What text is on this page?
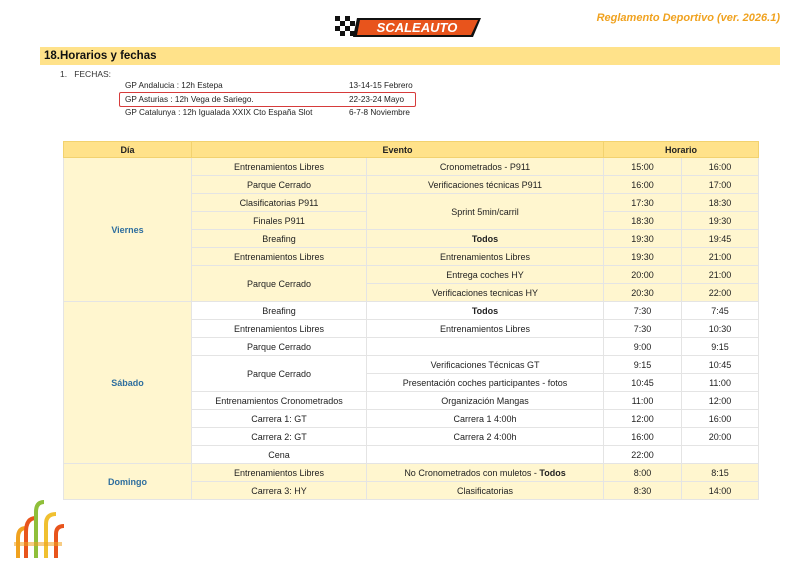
SCALEAUTO
Reglamento Deportivo (ver. 2026.1)
18.Horarios y fechas
1. FECHAS:
GP Andalucia : 12h Estepa	13-14-15 Febrero
GP Asturias : 12h Vega de Sariego.	22-23-24 Mayo
GP Catalunya : 12h Igualada XXIX Cto España Slot	6-7-8 Noviembre
Día	Evento		Horario	
Viernes	Entrenamientos Libres	Cronometrados - P911	15:00	16:00
	Parque Cerrado	Verificaciones técnicas P911	16:00	17:00
	Clasificatorias P911	Sprint 5min/carril	17:30	18:30
	Finales P911		18:30	19:30
	Breafing	Todos	19:30	19:45
	Entrenamientos Libres	Entrenamientos Libres	19:30	21:00
	Parque Cerrado	Entrega coches HY	20:00	21:00
		Verificaciones tecnicas HY	20:30	22:00
Sábado	Breafing	Todos	7:30	7:45
	Entrenamientos Libres	Entrenamientos Libres	7:30	10:30
	Parque Cerrado		9:00	9:15
	Parque Cerrado	Verificaciones Técnicas GT	9:15	10:45
		Presentación coches participantes - fotos	10:45	11:00
	Entrenamientos Cronometrados	Organización Mangas	11:00	12:00
	Carrera 1: GT	Carrera 1 4:00h	12:00	16:00
	Carrera 2: GT	Carrera 2 4:00h	16:00	20:00
	Cena		22:00	
Domingo	Entrenamientos Libres	No Cronometrados con muletos - Todos	8:00	8:15
	Carrera 3: HY	Clasificatorias	8:30	14:00
